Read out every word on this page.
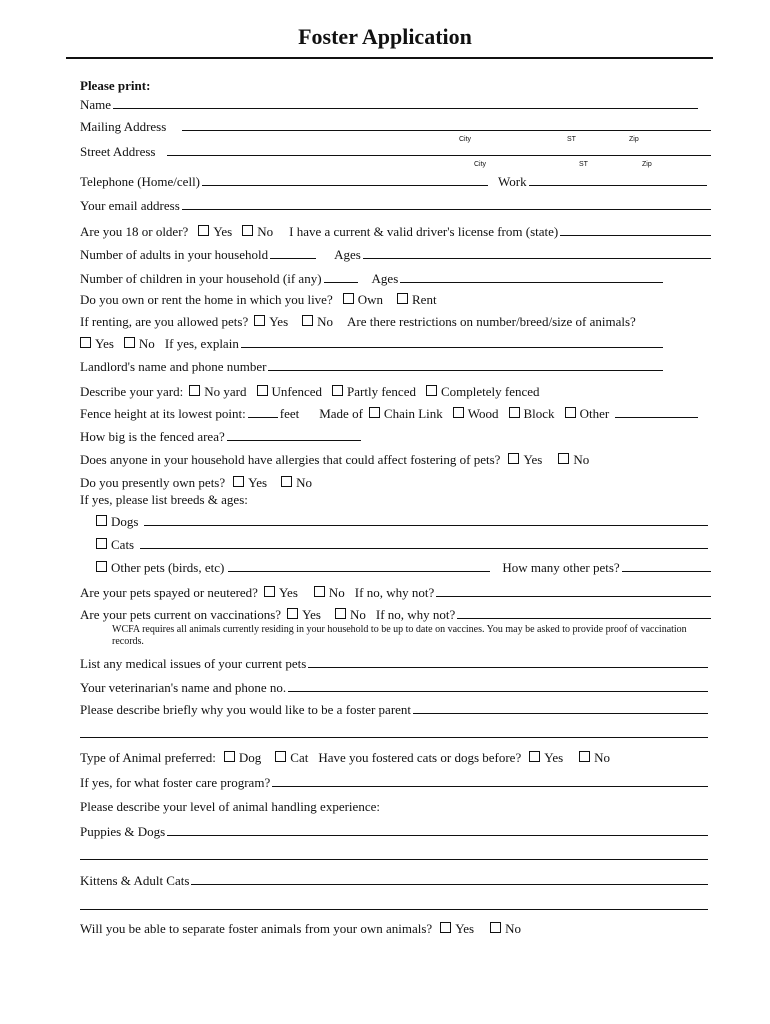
Foster Application
Please print:
Name
Mailing Address
City	ST	Zip
Street Address
City	ST	Zip
Telephone (Home/cell)	Work
Your email address
Are you 18 or older? Yes No I have a current & valid driver's license from (state)
Number of adults in your household	Ages
Number of children in your household (if any)	Ages
Do you own or rent the home in which you live? Own Rent
If renting, are you allowed pets? Yes No Are there restrictions on number/breed/size of animals?
Yes No If yes, explain
Landlord's name and phone number
Describe your yard: No yard Unfenced Partly fenced Completely fenced
Fence height at its lowest point:	feet Made of Chain Link Wood Block Other
How big is the fenced area?
Does anyone in your household have allergies that could affect fostering of pets? Yes No
Do you presently own pets? Yes No
If yes, please list breeds & ages:
Dogs
Cats
Other pets (birds, etc)	How many other pets?
Are your pets spayed or neutered? Yes No If no, why not?
Are your pets current on vaccinations? Yes No If no, why not?
WCFA requires all animals currently residing in your household to be up to date on vaccines. You may be asked to provide proof of vaccination records.
List any medical issues of your current pets
Your veterinarian's name and phone no.
Please describe briefly why you would like to be a foster parent
Type of Animal preferred: Dog Cat Have you fostered cats or dogs before? Yes No
If yes, for what foster care program?
Please describe your level of animal handling experience:
Puppies & Dogs
Kittens & Adult Cats
Will you be able to separate foster animals from your own animals? Yes No
